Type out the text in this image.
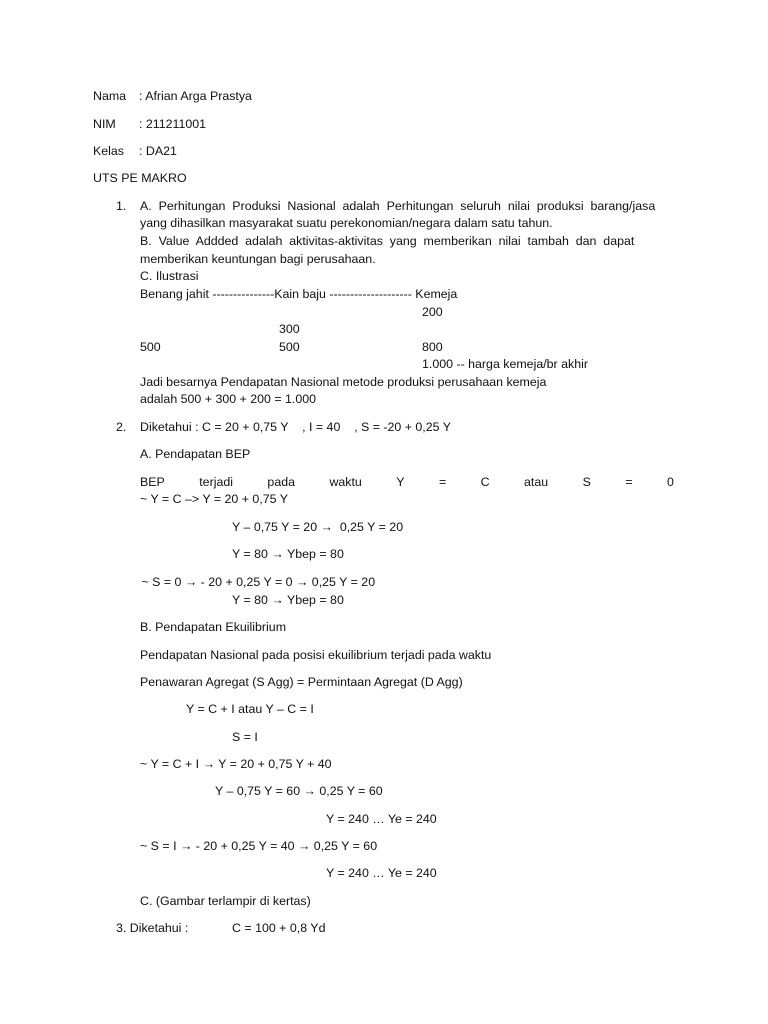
Nama : Afrian Arga Prastya
NIM : 211211001
Kelas : DA21
UTS PE MAKRO
1. A.  Perhitungan  Produksi  Nasional  adalah  Perhitungan  seluruh  nilai  produksi  barang/jasa
yang dihasilkan masyarakat suatu perekonomian/negara dalam satu tahun.
B.  Value  Addded  adalah  aktivitas-aktivitas  yang  memberikan  nilai  tambah  dan  dapat
memberikan keuntungan bagi perusahaan.
C. Ilustrasi
Benang jahit ---------------Kain baju -------------------- Kemeja
200
300
500	500	800
1.000 -- harga kemeja/br akhir
Jadi besarnya Pendapatan Nasional metode produksi perusahaan kemeja
adalah 500 + 300 + 200 = 1.000
2. Diketahui : C = 20 + 0,75 Y    , I = 40    , S = -20 + 0,25 Y
A. Pendapatan BEP
BEP	terjadi	pada	waktu	Y	=	C	atau	S	=	0
~ Y = C –> Y = 20 + 0,75 Y
Y – 0,75 Y = 20 →  0,25 Y = 20
Y = 80 → Ybep = 80
~ S = 0 → - 20 + 0,25 Y = 0 → 0,25 Y = 20
Y = 80 → Ybep = 80
B. Pendapatan Ekuilibrium
Pendapatan Nasional pada posisi ekuilibrium terjadi pada waktu
Penawaran Agregat (S Agg) = Permintaan Agregat (D Agg)
Y = C + I atau Y – C = I
S = I
~ Y = C + I → Y = 20 + 0,75 Y + 40
Y – 0,75 Y = 60 → 0,25 Y = 60
Y = 240 … Ye = 240
~ S = I → - 20 + 0,25 Y = 40 → 0,25 Y = 60
Y = 240 … Ye = 240
C. (Gambar terlampir di kertas)
3. Diketahui :	C = 100 + 0,8 Yd
